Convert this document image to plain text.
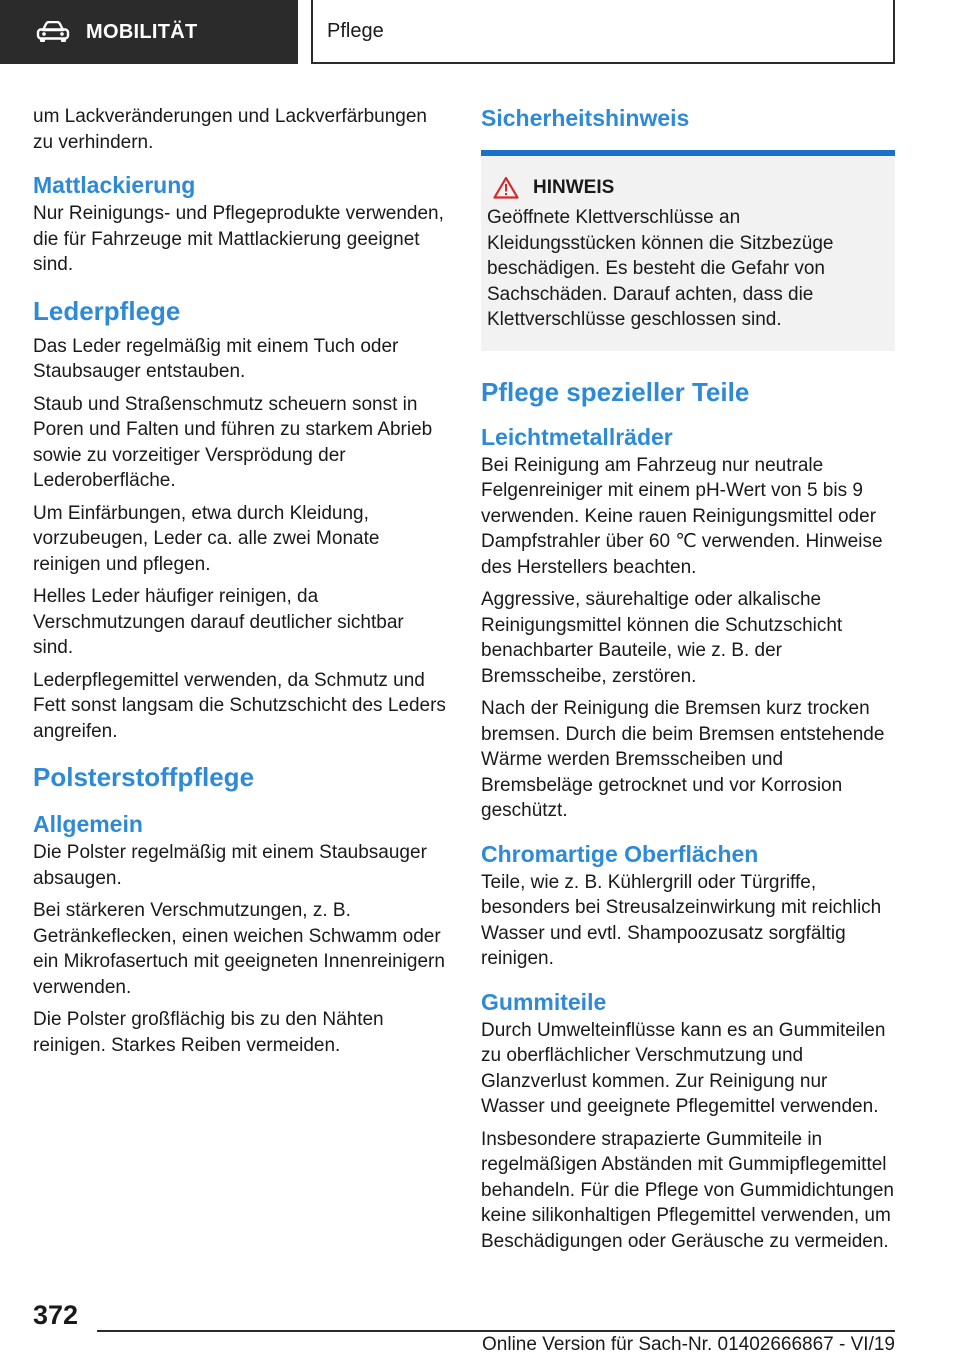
MOBILITÄT	Pflege

um Lackveränderungen und Lackverfärbungen zu verhindern.

Mattlackierung

Nur Reinigungs- und Pflegeprodukte verwenden, die für Fahrzeuge mit Mattlackierung geeignet sind.

Lederpflege

Das Leder regelmäßig mit einem Tuch oder Staubsauger entstauben.

Staub und Straßenschmutz scheuern sonst in Poren und Falten und führen zu starkem Abrieb sowie zu vorzeitiger Versprödung der Lederoberfläche.

Um Einfärbungen, etwa durch Kleidung, vorzubeugen, Leder ca. alle zwei Monate reinigen und pflegen.

Helles Leder häufiger reinigen, da Verschmutzungen darauf deutlicher sichtbar sind.

Lederpflegemittel verwenden, da Schmutz und Fett sonst langsam die Schutzschicht des Leders angreifen.

Polsterstoffpflege
Allgemein

Die Polster regelmäßig mit einem Staubsauger absaugen.

Bei stärkeren Verschmutzungen, z. B. Getränkeflecken, einen weichen Schwamm oder ein Mikrofasertuch mit geeigneten Innenreinigern verwenden.

Die Polster großflächig bis zu den Nähten reinigen. Starkes Reiben vermeiden.

Sicherheitshinweis
HINWEIS

Geöffnete Klettverschlüsse an Kleidungsstücken können die Sitzbezüge beschädigen. Es besteht die Gefahr von Sachschäden. Darauf achten, dass die Klettverschlüsse geschlossen sind.

Pflege spezieller Teile
Leichtmetallräder

Bei Reinigung am Fahrzeug nur neutrale Felgenreiniger mit einem pH-Wert von 5 bis 9 verwenden. Keine rauen Reinigungsmittel oder Dampfstrahler über 60 ℃ verwenden. Hinweise des Herstellers beachten.

Aggressive, säurehaltige oder alkalische Reinigungsmittel können die Schutzschicht benachbarter Bauteile, wie z. B. der Bremsscheibe, zerstören.

Nach der Reinigung die Bremsen kurz trocken bremsen. Durch die beim Bremsen entstehende Wärme werden Bremsscheiben und Bremsbeläge getrocknet und vor Korrosion geschützt.

Chromartige Oberflächen

Teile, wie z. B. Kühlergrill oder Türgriffe, besonders bei Streusalzeinwirkung mit reichlich Wasser und evtl. Shampoozusatz sorgfältig reinigen.

Gummiteile

Durch Umwelteinflüsse kann es an Gummiteilen zu oberflächlicher Verschmutzung und Glanzverlust kommen. Zur Reinigung nur Wasser und geeignete Pflegemittel verwenden.

Insbesondere strapazierte Gummiteile in regelmäßigen Abständen mit Gummipflegemittel behandeln. Für die Pflege von Gummidichtungen keine silikonhaltigen Pflegemittel verwenden, um Beschädigungen oder Geräusche zu vermeiden.

372
Online Version für Sach-Nr. 01402666867 - VI/19
